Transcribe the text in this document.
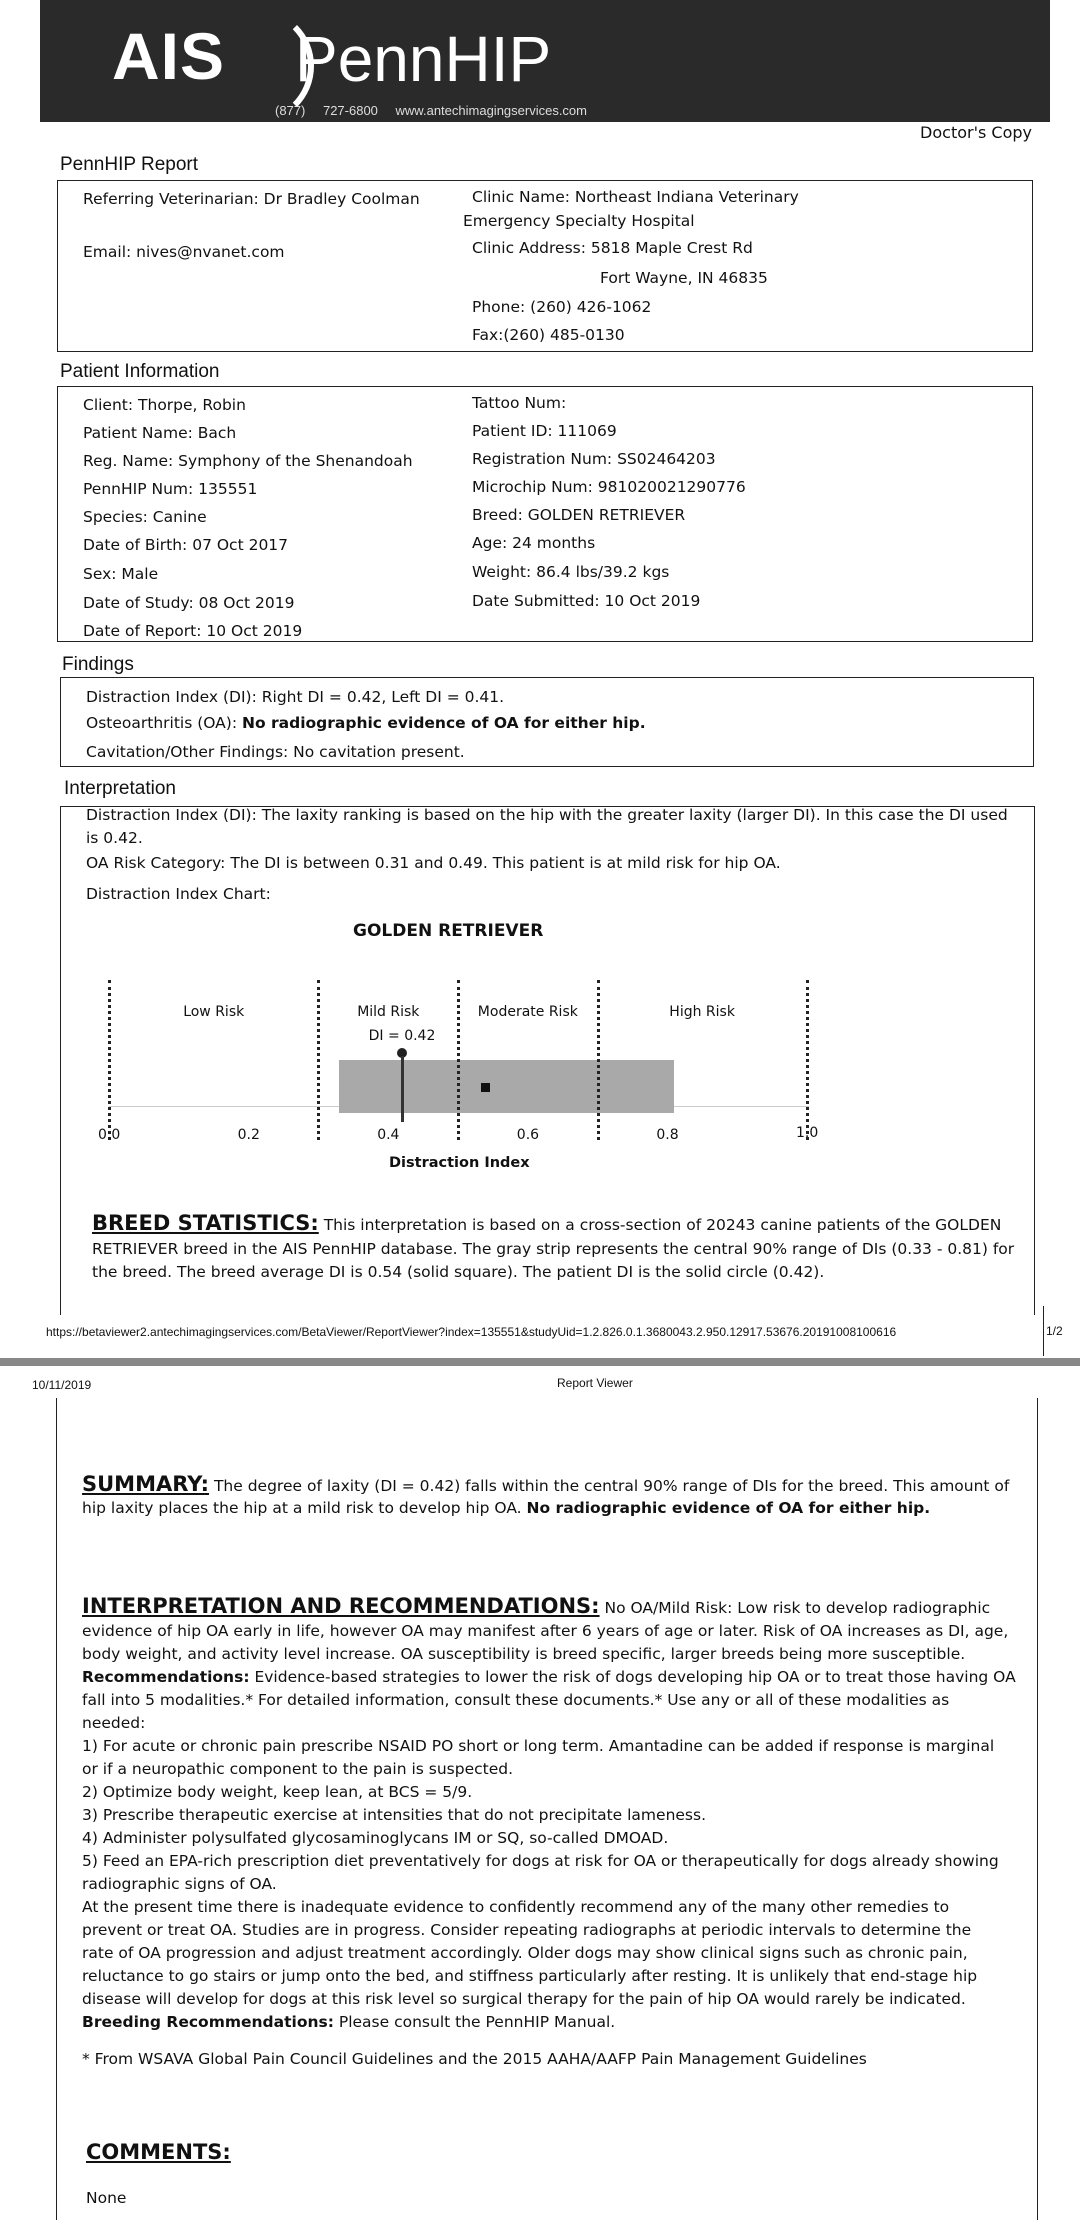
AIS PennHIP
(877) 727-6800 www.antechimagingservices.com
Doctor's Copy
PennHIP Report
Referring Veterinarian: Dr Bradley Coolman
Email: nives@nvanet.com
Clinic Name: Northeast Indiana Veterinary
Emergency Specialty Hospital
Clinic Address: 5818 Maple Crest Rd
Fort Wayne, IN 46835
Phone: (260) 426-1062
Fax:(260) 485-0130
Patient Information
Client: Thorpe, Robin
Patient Name: Bach
Reg. Name: Symphony of the Shenandoah
PennHIP Num: 135551
Species: Canine
Date of Birth: 07 Oct 2017
Sex: Male
Date of Study: 08 Oct 2019
Date of Report: 10 Oct 2019
Tattoo Num:
Patient ID: 111069
Registration Num: SS02464203
Microchip Num: 981020021290776
Breed: GOLDEN RETRIEVER
Age: 24 months
Weight: 86.4 lbs/39.2 kgs
Date Submitted: 10 Oct 2019
Findings
Distraction Index (DI): Right DI = 0.42, Left DI = 0.41.
Osteoarthritis (OA): No radiographic evidence of OA for either hip.
Cavitation/Other Findings: No cavitation present.
Interpretation
Distraction Index (DI): The laxity ranking is based on the hip with the greater laxity (larger DI). In this case the DI used
is 0.42.
OA Risk Category: The DI is between 0.31 and 0.49. This patient is at mild risk for hip OA.
Distraction Index Chart:
GOLDEN RETRIEVER
Low Risk	Mild Risk	Moderate Risk	High Risk
DI = 0.42
0.0	0.2	0.4	0.6	0.8	1.0
Distraction Index
BREED STATISTICS: This interpretation is based on a cross-section of 20243 canine patients of the GOLDEN
RETRIEVER breed in the AIS PennHIP database. The gray strip represents the central 90% range of DIs (0.33 - 0.81) for
the breed. The breed average DI is 0.54 (solid square). The patient DI is the solid circle (0.42).
https://betaviewer2.antechimagingservices.com/BetaViewer/ReportViewer?index=135551&studyUid=1.2.826.0.1.3680043.2.950.12917.53676.20191008100616	1/2
10/11/2019	Report Viewer
SUMMARY: The degree of laxity (DI = 0.42) falls within the central 90% range of DIs for the breed. This amount of
hip laxity places the hip at a mild risk to develop hip OA. No radiographic evidence of OA for either hip.
INTERPRETATION AND RECOMMENDATIONS: No OA/Mild Risk: Low risk to develop radiographic
evidence of hip OA early in life, however OA may manifest after 6 years of age or later. Risk of OA increases as DI, age,
body weight, and activity level increase. OA susceptibility is breed specific, larger breeds being more susceptible.
Recommendations: Evidence-based strategies to lower the risk of dogs developing hip OA or to treat those having OA
fall into 5 modalities.* For detailed information, consult these documents.* Use any or all of these modalities as
needed:
1) For acute or chronic pain prescribe NSAID PO short or long term. Amantadine can be added if response is marginal
or if a neuropathic component to the pain is suspected.
2) Optimize body weight, keep lean, at BCS = 5/9.
3) Prescribe therapeutic exercise at intensities that do not precipitate lameness.
4) Administer polysulfated glycosaminoglycans IM or SQ, so-called DMOAD.
5) Feed an EPA-rich prescription diet preventatively for dogs at risk for OA or therapeutically for dogs already showing
radiographic signs of OA.
At the present time there is inadequate evidence to confidently recommend any of the many other remedies to
prevent or treat OA. Studies are in progress. Consider repeating radiographs at periodic intervals to determine the
rate of OA progression and adjust treatment accordingly. Older dogs may show clinical signs such as chronic pain,
reluctance to go stairs or jump onto the bed, and stiffness particularly after resting. It is unlikely that end-stage hip
disease will develop for dogs at this risk level so surgical therapy for the pain of hip OA would rarely be indicated.
Breeding Recommendations: Please consult the PennHIP Manual.
* From WSAVA Global Pain Council Guidelines and the 2015 AAHA/AAFP Pain Management Guidelines
COMMENTS:
None
